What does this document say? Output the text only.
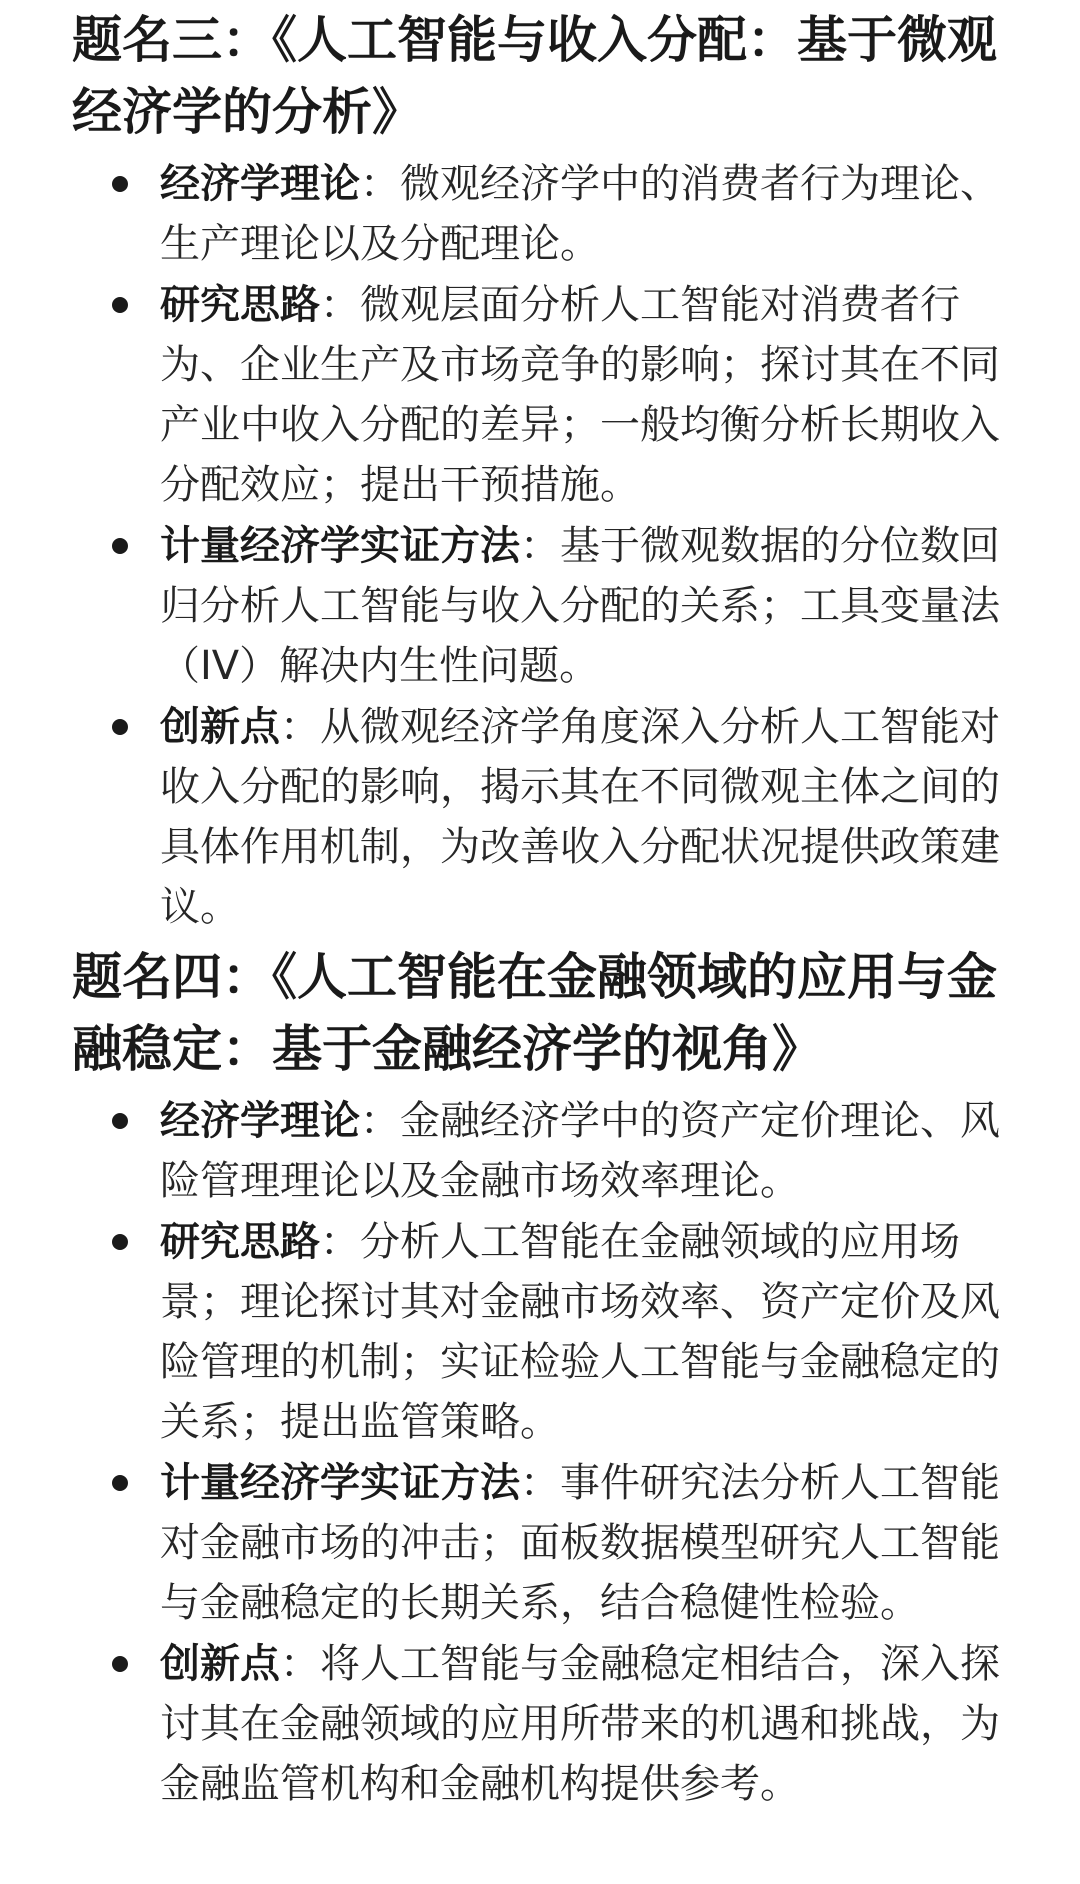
题名三：《人工智能与收入分配：基于微观经济学的分析》
经济学理论：微观经济学中的消费者行为理论、生产理论以及分配理论。
研究思路：微观层面分析人工智能对消费者行为、企业生产及市场竞争的影响；探讨其在不同产业中收入分配的差异；一般均衡分析长期收入分配效应；提出干预措施。
计量经济学实证方法：基于微观数据的分位数回归分析人工智能与收入分配的关系；工具变量法（IV）解决内生性问题。
创新点：从微观经济学角度深入分析人工智能对收入分配的影响，揭示其在不同微观主体之间的具体作用机制，为改善收入分配状况提供政策建议。
题名四：《人工智能在金融领域的应用与金融稳定：基于金融经济学的视角》
经济学理论：金融经济学中的资产定价理论、风险管理理论以及金融市场效率理论。
研究思路：分析人工智能在金融领域的应用场景；理论探讨其对金融市场效率、资产定价及风险管理的机制；实证检验人工智能与金融稳定的关系；提出监管策略。
计量经济学实证方法：事件研究法分析人工智能对金融市场的冲击；面板数据模型研究人工智能与金融稳定的长期关系，结合稳健性检验。
创新点：将人工智能与金融稳定相结合，深入探讨其在金融领域的应用所带来的机遇和挑战，为金融监管机构和金融机构提供参考。
